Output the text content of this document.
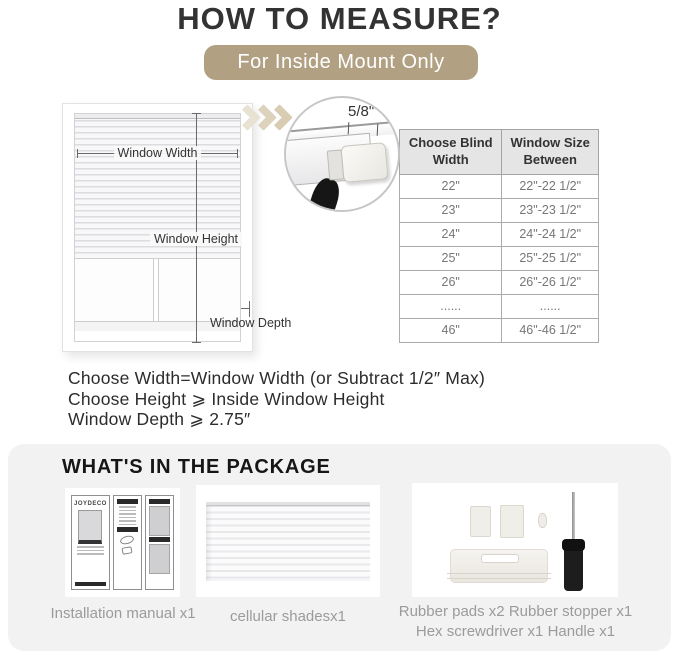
HOW TO MEASURE?
For Inside Mount Only
Window Width
Window Height
Window Depth
5/8"
Choose Blind Width	Window Size Between
22"	22"-22 1/2"
23"	23"-23 1/2"
24"	24"-24 1/2"
25"	25"-25 1/2"
26"	26"-26 1/2"
......	......
46"	46"-46 1/2"
Choose Width=Window Width (or Subtract 1/2″ Max)
Choose Height ⩾ Inside Window Height
Window Depth ⩾ 2.75″
WHAT'S IN THE PACKAGE
JOYDECO
Installation manual x1	cellular shadesx1	Rubber pads x2 Rubber stopper x1
Hex screwdriver x1 Handle x1
